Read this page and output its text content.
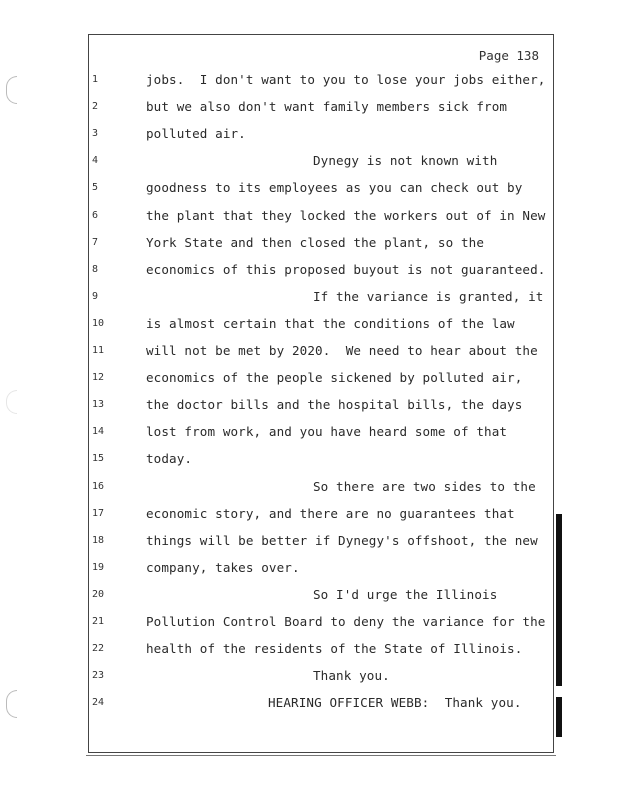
Page 138
1	jobs.  I don't want to you to lose your jobs either,
2	but we also don't want family members sick from
3	polluted air.
4	Dynegy is not known with
5	goodness to its employees as you can check out by
6	the plant that they locked the workers out of in New
7	York State and then closed the plant, so the
8	economics of this proposed buyout is not guaranteed.
9	If the variance is granted, it
10	is almost certain that the conditions of the law
11	will not be met by 2020.  We need to hear about the
12	economics of the people sickened by polluted air,
13	the doctor bills and the hospital bills, the days
14	lost from work, and you have heard some of that
15	today.
16	So there are two sides to the
17	economic story, and there are no guarantees that
18	things will be better if Dynegy's offshoot, the new
19	company, takes over.
20	So I'd urge the Illinois
21	Pollution Control Board to deny the variance for the
22	health of the residents of the State of Illinois.
23	Thank you.
24	HEARING OFFICER WEBB:  Thank you.
